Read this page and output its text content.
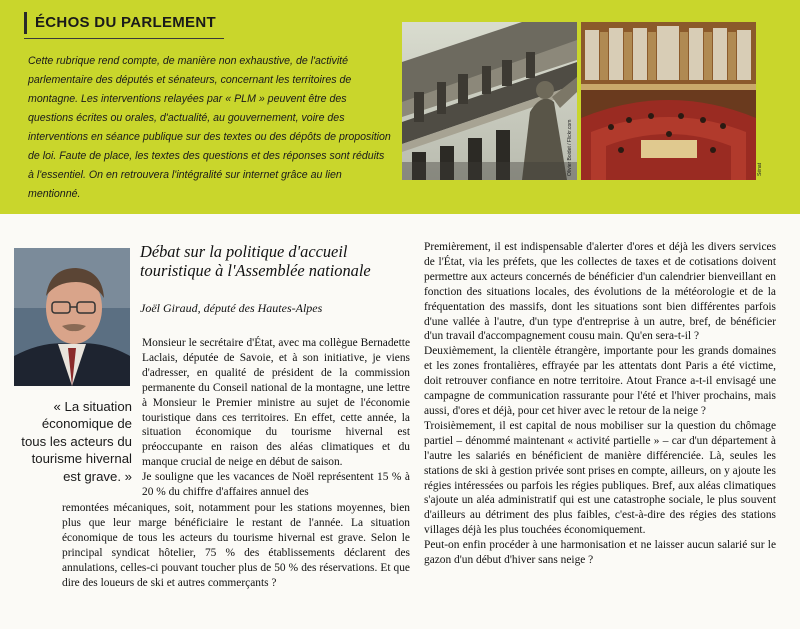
ÉCHOS DU PARLEMENT
Cette rubrique rend compte, de manière non exhaustive, de l'activité parlementaire des députés et sénateurs, concernant les territoires de montagne. Les interventions relayées par « PLM » peuvent être des questions écrites ou orales, d'actualité, au gouvernement, voire des interventions en séance publique sur des textes ou des dépôts de proposition de loi. Faute de place, les textes des questions et des réponses sont réduits à l'essentiel. On en retrouvera l'intégralité sur internet grâce au lien mentionné.
Olivier Boidet / Flickr.com	Sénat
« La situation économique de tous les acteurs du tourisme hivernal est grave. »
Débat sur la politique d'accueil touristique à l'Assemblée nationale
Joël Giraud, député des Hautes-Alpes

Monsieur le secrétaire d'État, avec ma collègue Bernadette Laclais, députée de Savoie, et à son initiative, je viens d'adresser, en qualité de président de la commission permanente du Conseil national de la montagne, une lettre à Monsieur le Premier ministre au sujet de l'économie touristique dans ces territoires. En effet, cette année, la situation économique du tourisme hivernal est préoccupante en raison des aléas climatiques et du manque crucial de neige en début de saison.

Je souligne que les vacances de Noël représentent 15 % à 20 % du chiffre d'affaires annuel des

remontées mécaniques, soit, notamment pour les stations moyennes, bien plus que leur marge bénéficiaire le restant de l'année. La situation économique de tous les acteurs du tourisme hivernal est grave. Selon le principal syndicat hôtelier, 75 % des établissements déclarent des annulations, celles-ci pouvant toucher plus de 50 % des réservations. Et que dire des loueurs de ski et autres commerçants ?

Premièrement, il est indispensable d'alerter d'ores et déjà les divers services de l'État, via les préfets, que les collectes de taxes et de cotisations doivent permettre aux acteurs concernés de bénéficier d'un calendrier bienveillant en fonction des situations locales, des évolutions de la météorologie et de la fréquentation des massifs, dont les situations sont bien différentes parfois d'une vallée à l'autre, d'un type d'entreprise à un autre, bref, de bénéficier d'un travail d'accompagnement cousu main. Qu'en sera-t-il ?

Deuxièmement, la clientèle étrangère, importante pour les grands domaines et les zones frontalières, effrayée par les attentats dont Paris a été victime, doit retrouver confiance en notre territoire. Atout France a-t-il envisagé une campagne de communication rassurante pour l'été et l'hiver prochains, mais aussi, d'ores et déjà, pour cet hiver avec le retour de la neige ?

Troisièmement, il est capital de nous mobiliser sur la question du chômage partiel – dénommé maintenant « activité partielle » – car d'un département à l'autre les salariés en bénéficient de manière différenciée. Là, seules les stations de ski à gestion privée sont prises en compte, ailleurs, on y ajoute les régies intéressées ou parfois les régies publiques. Bref, aux aléas climatiques s'ajoute un aléa administratif qui est une catastrophe sociale, le plus souvent d'ailleurs au détriment des plus faibles, c'est-à-dire des régies des stations villages déjà les plus touchées économiquement.

Peut-on enfin procéder à une harmonisation et ne laisser aucun salarié sur le gazon d'un début d'hiver sans neige ?
